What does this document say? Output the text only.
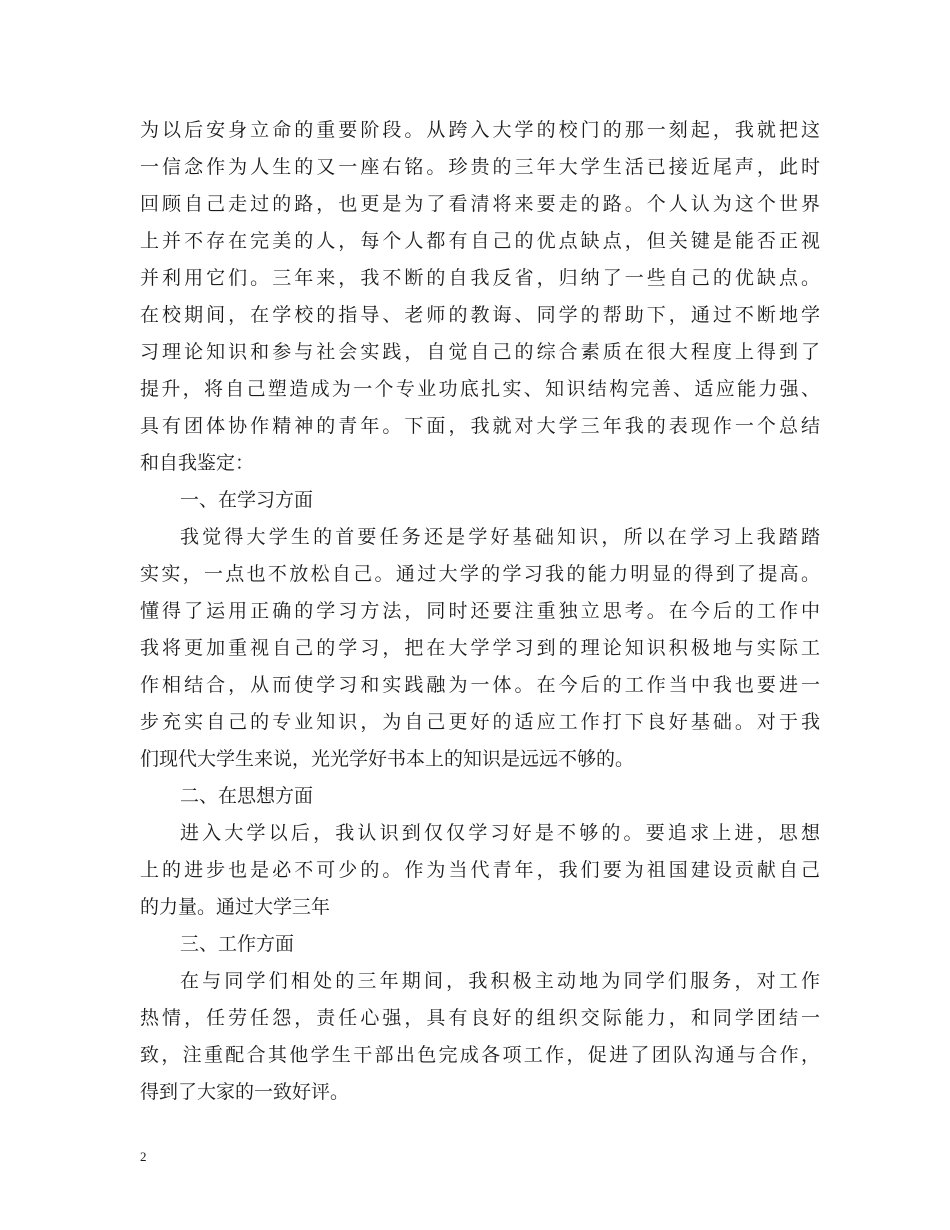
为以后安身立命的重要阶段。从跨入大学的校门的那一刻起，我就把这
一信念作为人生的又一座右铭。珍贵的三年大学生活已接近尾声，此时
回顾自己走过的路，也更是为了看清将来要走的路。个人认为这个世界
上并不存在完美的人，每个人都有自己的优点缺点，但关键是能否正视
并利用它们。三年来，我不断的自我反省，归纳了一些自己的优缺点。
在校期间，在学校的指导、老师的教诲、同学的帮助下，通过不断地学
习理论知识和参与社会实践，自觉自己的综合素质在很大程度上得到了
提升，将自己塑造成为一个专业功底扎实、知识结构完善、适应能力强、
具有团体协作精神的青年。下面，我就对大学三年我的表现作一个总结
和自我鉴定：
一、在学习方面
我觉得大学生的首要任务还是学好基础知识，所以在学习上我踏踏
实实，一点也不放松自己。通过大学的学习我的能力明显的得到了提高。
懂得了运用正确的学习方法，同时还要注重独立思考。在今后的工作中
我将更加重视自己的学习，把在大学学习到的理论知识积极地与实际工
作相结合，从而使学习和实践融为一体。在今后的工作当中我也要进一
步充实自己的专业知识，为自己更好的适应工作打下良好基础。对于我
们现代大学生来说，光光学好书本上的知识是远远不够的。
二、在思想方面
进入大学以后，我认识到仅仅学习好是不够的。要追求上进，思想
上的进步也是必不可少的。作为当代青年，我们要为祖国建设贡献自己
的力量。通过大学三年
三、工作方面
在与同学们相处的三年期间，我积极主动地为同学们服务，对工作
热情，任劳任怨，责任心强，具有良好的组织交际能力，和同学团结一
致，注重配合其他学生干部出色完成各项工作，促进了团队沟通与合作，
得到了大家的一致好评。
2
